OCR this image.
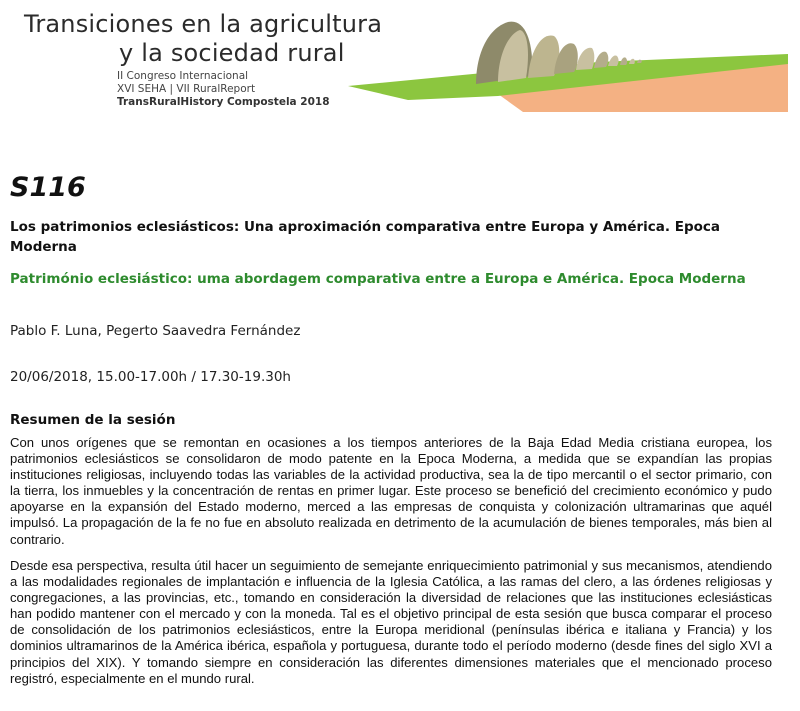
Transiciones en la agricultura
y la sociedad rural
II Congreso Internacional
XVI SEHA | VII RuralReport
TransRuralHistory Compostela 2018
S116
Los patrimonios eclesiásticos: Una aproximación comparativa entre Europa y América. Epoca Moderna
Património eclesiástico: uma abordagem comparativa entre a Europa e América. Epoca Moderna
Pablo F. Luna, Pegerto Saavedra Fernández
20/06/2018, 15.00-17.00h / 17.30-19.30h
Resumen de la sesión

Con unos orígenes que se remontan en ocasiones a los tiempos anteriores de la Baja Edad Media cristiana europea, los patrimonios eclesiásticos se consolidaron de modo patente en la Epoca Moderna, a medida que se expandían las propias instituciones religiosas, incluyendo todas las variables de la actividad productiva, sea la de tipo mercantil o el sector primario, con la tierra, los inmuebles y la concentración de rentas en primer lugar. Este proceso se benefició del crecimiento económico y pudo apoyarse en la expansión del Estado moderno, merced a las empresas de conquista y colonización ultramarinas que aquél impulsó. La propagación de la fe no fue en absoluto realizada en detrimento de la acumulación de bienes temporales, más bien al contrario.

Desde esa perspectiva, resulta útil hacer un seguimiento de semejante enriquecimiento patrimonial y sus mecanismos, atendiendo a las modalidades regionales de implantación e influencia de la Iglesia Católica, a las ramas del clero, a las órdenes religiosas y congregaciones, a las provincias, etc., tomando en consideración la diversidad de relaciones que las instituciones eclesiásticas han podido mantener con el mercado y con la moneda. Tal es el objetivo principal de esta sesión que busca comparar el proceso de consolidación de los patrimonios eclesiásticos, entre la Europa meridional (penínsulas ibérica e italiana y Francia) y los dominios ultramarinos de la América ibérica, española y portuguesa, durante todo el período moderno (desde fines del siglo XVI a principios del XIX). Y tomando siempre en consideración las diferentes dimensiones materiales que el mencionado proceso registró, especialmente en el mundo rural.
